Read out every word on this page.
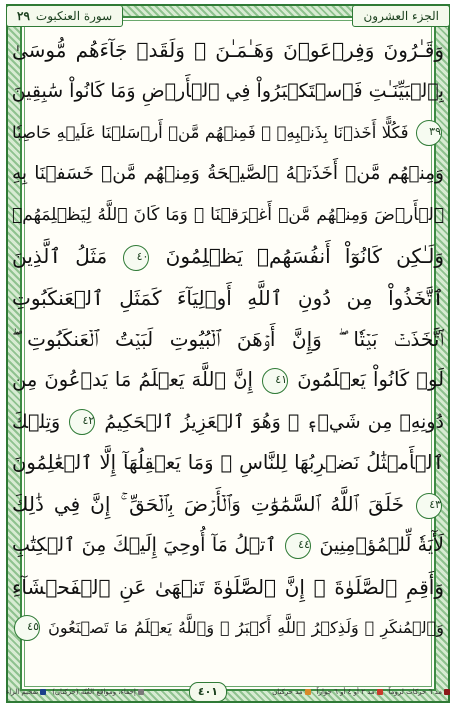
٢٩ سورة العنكبوت	الجزء العشرون
وَقَـٰرُونَ وَفِرۡعَوۡنَ وَهَـٰمَـٰنَ ۖ وَلَقَدۡ جَآءَهُم مُّوسَىٰ
بِٱلۡبَيِّنَـٰتِ فَٱسۡتَكۡبَرُواْ فِي ٱلۡأَرۡضِ وَمَا كَانُواْ سَٰبِقِينَ
٣٩ فَكُلًّا أَخَذۡنَا بِذَنۢبِهِۦ ۖ فَمِنۡهُم مَّنۡ أَرۡسَلۡنَا عَلَيۡهِ حَاصِبٗا
وَمِنۡهُم مَّنۡ أَخَذَتۡهُ ٱلصَّيۡحَةُ وَمِنۡهُم مَّنۡ خَسَفۡنَا بِهِ
ٱلۡأَرۡضَ وَمِنۡهُم مَّنۡ أَغۡرَقۡنَا ۚ وَمَا كَانَ ٱللَّهُ لِيَظۡلِمَهُمۡ
وَلَـٰكِن كَانُوٓاْ أَنفُسَهُمۡ يَظۡلِمُونَ ٤٠ مَثَلُ ٱلَّذِينَ
ٱتَّخَذُواْ مِن دُونِ ٱللَّهِ أَوۡلِيَآءَ كَمَثَلِ ٱلۡعَنكَبُوتِ
ٱتَّخَذَتۡ بَيۡتٗا ۖ وَإِنَّ أَوۡهَنَ ٱلۡبُيُوتِ لَبَيۡتُ ٱلۡعَنكَبُوتِ ۖ
لَوۡ كَانُواْ يَعۡلَمُونَ ٤١ إِنَّ ٱللَّهَ يَعۡلَمُ مَا يَدۡعُونَ مِن
دُونِهِۦ مِن شَيۡءٖ ۚ وَهُوَ ٱلۡعَزِيزُ ٱلۡحَكِيمُ ٤٢ وَتِلۡكَ
ٱلۡأَمۡثَٰلُ نَضۡرِبُهَا لِلنَّاسِ ۖ وَمَا يَعۡقِلُهَآ إِلَّا ٱلۡعَٰلِمُونَ
٤٣ خَلَقَ ٱللَّهُ ٱلسَّمَٰوَٰتِ وَٱلۡأَرۡضَ بِٱلۡحَقِّ ۚ إِنَّ فِي ذَٰلِكَ
لَأٓيَةٗ لِّلۡمُؤۡمِنِينَ ٤٤ ٱتۡلُ مَآ أُوحِيَ إِلَيۡكَ مِنَ ٱلۡكِتَٰبِ
وَأَقِمِ ٱلصَّلَوٰةَ ۖ إِنَّ ٱلصَّلَوٰةَ تَنۡهَىٰ عَنِ ٱلۡفَحۡشَآءِ
وَٱلۡمُنكَرِ ۗ وَلَذِكۡرُ ٱللَّهِ أَكۡبَرُ ۗ وَٱللَّهُ يَعۡلَمُ مَا تَصۡنَعُونَ ٤٥
مد ٦ حركات لزوماً
مد ٢ أو ٤ أو ٦ جوازاً
مد حركتان
٤٠١
إخفاء، ومواقع الغُنّة (حركتان)
تفخيم الراء
